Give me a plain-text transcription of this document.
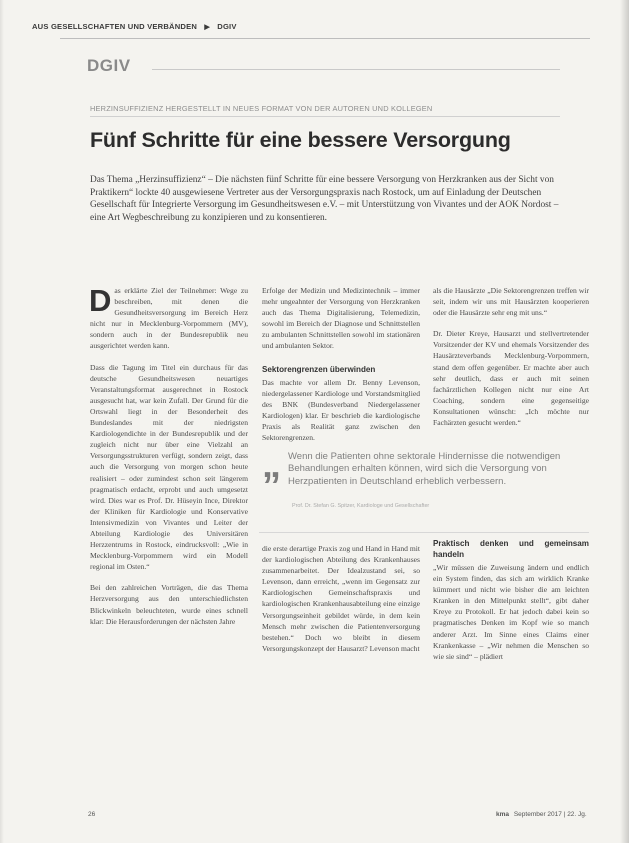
AUS GESELLSCHAFTEN UND VERBÄNDEN ▶ DGIV
DGIV
HERZINSUFFIZIENZ HERGESTELLT IN NEUES FORMAT VON DER AUTOREN UND KOLLEGEN
Fünf Schritte für eine bessere Versorgung
Das Thema „Herzinsuffizienz“ – Die nächsten fünf Schritte für eine bessere Versorgung von Herzkranken aus der Sicht von Praktikern“ lockte 40 ausgewiesene Vertreter aus der Versorgungspraxis nach Rostock, um auf Einladung der Deutschen Gesellschaft für Integrierte Versorgung im Gesundheitswesen e.V. – mit Unterstützung von Vivantes und der AOK Nordost – eine Art Wegbeschreibung zu konzipieren und zu konsentieren.

D as erklärte Ziel der Teilnehmer: Wege zu beschreiben, mit denen die Gesundheitsversorgung im Bereich Herz nicht nur in Mecklenburg-Vorpommern (MV), sondern auch in der Bundesrepublik neu ausgerichtet werden kann.

Dass die Tagung im Titel ein durchaus für das deutsche Gesundheitswesen neuartiges Veranstaltungsformat ausgerechnet in Rostock ausgesucht hat, war kein Zufall. Der Grund für die Ortswahl liegt in der Besonderheit des Bundeslandes mit der niedrigsten Kardiologendichte in der Bundesrepublik und der zugleich nicht nur über eine Vielzahl an Versorgungsstrukturen verfügt, sondern zeigt, dass auch die Versorgung von morgen schon heute realisiert – oder zumindest schon seit längerem pragmatisch erdacht, erprobt und auch umgesetzt wird. Dies war es Prof. Dr. Hüseyin Ince, Direktor der Kliniken für Kardiologie und Konservative Intensivmedizin von Vivantes und Leiter der Abteilung Kardiologie des Universitären Herzzentrums in Rostock, eindrucksvoll: „Wie in Mecklenburg-Vorpommern wird ein Modell regional im Osten.“

Bei den zahlreichen Vorträgen, die das Thema Herzversorgung aus den unterschiedlichsten Blickwinkeln beleuchteten, wurde eines schnell klar: Die Herausforderungen der nächsten Jahre

Erfolge der Medizin und Medizintechnik – immer mehr ungeahnter der Versorgung von Herzkranken auch das Thema Digitalisierung, Telemedizin, sowohl im Bereich der Diagnose und Schnittstellen zu ambulanten Schnittstellen sowohl im stationären und ambulanten Sektor.

Sektorengrenzen überwinden

Das machte vor allem Dr. Benny Levenson, niedergelassener Kardiologe und Vorstandsmitglied des BNK (Bundesverband Niedergelassener Kardiologen) klar. Er beschrieb die kardiologische Praxis als Realität ganz zwischen den Sektorengrenzen.

als die Hausärzte „Die Sektorengrenzen treffen wir seit, indem wir uns mit Hausärzten kooperieren oder die Hausärzte sehr eng mit uns.“

Dr. Dieter Kreye, Hausarzt und stellvertretender Vorsitzender der KV und ehemals Vorsitzender des Hausärzteverbands Mecklenburg-Vorpommern, stand dem offen gegenüber. Er machte aber auch sehr deutlich, dass er auch mit seinen fachärztlichen Kollegen nicht nur eine Art Coaching, sondern eine gegenseitige Konsultationen wünscht: „Ich möchte nur Fachärzten gesucht werden.“

„ Wenn die Patienten ohne sektorale Hindernisse die notwendigen Behandlungen erhalten können, wird sich die Versorgung von Herzpatienten in Deutschland erheblich verbessern.
Prof. Dr. Stefan G. Spitzer, Kardiologe und Gesellschafter

die erste derartige Praxis zog und Hand in Hand mit der kardiologischen Abteilung des Krankenhauses zusammenarbeitet. Der Idealzustand sei, so Levenson, dann erreicht, „wenn im Gegensatz zur Kardiologischen Gemeinschaftspraxis und kardiologischen Krankenhausabteilung eine einzige Versorgungseinheit gebildet würde, in dem kein Mensch mehr zwischen die Patientenversorgung bestehen.“ Doch wo bleibt in diesem Versorgungskonzept der Hausarzt? Levenson macht

Praktisch denken und gemeinsam handeln

„Wir müssen die Zuweisung ändern und endlich ein System finden, das sich am wirklich Kranke kümmert und nicht wie bisher die am leichten Kranken in den Mittelpunkt stellt“, gibt daher Kreye zu Protokoll. Er hat jedoch dabei kein so pragmatisches Denken im Kopf wie so manch anderer Arzt. Im Sinne eines Claims einer Krankenkasse – „Wir nehmen die Menschen so wie sie sind“ – plädiert

26	kma September 2017 | 22. Jg.
